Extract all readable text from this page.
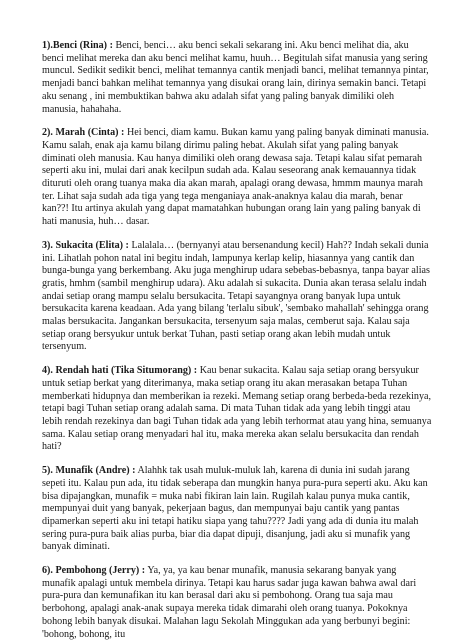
1).Benci (Rina) : Benci, benci… aku benci sekali sekarang ini. Aku benci melihat dia, aku benci melihat mereka dan aku benci melihat kamu, huuh… Begitulah sifat manusia yang sering muncul. Sedikit sedikit benci, melihat temannya cantik menjadi banci, melihat temannya pintar, menjadi banci bahkan melihat temannya yang disukai orang lain, dirinya semakin banci. Tetapi aku senang , ini membuktikan bahwa aku adalah sifat yang paling banyak dimiliki oleh manusia, hahahaha.

2). Marah (Cinta) : Hei benci, diam kamu. Bukan kamu yang paling banyak diminati manusia. Kamu salah, enak aja kamu bilang dirimu paling hebat. Akulah sifat yang paling banyak diminati oleh manusia. Kau hanya dimiliki oleh orang dewasa saja. Tetapi kalau sifat pemarah seperti aku ini, mulai dari anak kecilpun sudah ada. Kalau seseorang anak kemauannya tidak dituruti oleh orang tuanya maka dia akan marah, apalagi orang dewasa, hmmm maunya marah ter. Lihat saja sudah ada tiga yang tega menganiaya anak-anaknya kalau dia marah, benar kan??! Itu artinya akulah yang dapat mamatahkan hubungan orang lain yang paling banyak di hati manusia, huh… dasar.

3). Sukacita (Elita) : Lalalala… (bernyanyi atau bersenandung kecil) Hah?? Indah sekali dunia ini. Lihatlah pohon natal ini begitu indah, lampunya kerlap kelip, hiasannya yang cantik dan bunga-bunga yang berkembang. Aku juga menghirup udara sebebas-bebasnya, tanpa bayar alias gratis, hmhm (sambil menghirup udara). Aku adalah si sukacita. Dunia akan terasa selalu indah andai setiap orang mampu selalu bersukacita. Tetapi sayangnya orang banyak lupa untuk bersukacita karena keadaan. Ada yang bilang 'terlalu sibuk', 'sembako mahallah' sehingga orang malas bersukacita. Jangankan bersukacita, tersenyum saja malas, cemberut saja. Kalau saja setiap orang bersyukur untuk berkat Tuhan, pasti setiap orang akan lebih mudah untuk tersenyum.

4). Rendah hati (Tika Situmorang) : Kau benar sukacita. Kalau saja setiap orang bersyukur untuk setiap berkat yang diterimanya, maka setiap orang itu akan merasakan betapa Tuhan memberkati hidupnya dan memberikan ia rezeki. Memang setiap orang berbeda-beda rezekinya, tetapi bagi Tuhan setiap orang adalah sama. Di mata Tuhan tidak ada yang lebih tinggi atau lebih rendah rezekinya dan bagi Tuhan tidak ada yang lebih terhormat atau yang hina, semuanya sama. Kalau setiap orang menyadari hal itu, maka mereka akan selalu bersukacita dan rendah hati?

5). Munafik (Andre) : Alahhk tak usah muluk-muluk lah, karena di dunia ini sudah jarang sepeti itu. Kalau pun ada, itu tidak seberapa dan mungkin hanya pura-pura seperti aku. Aku kan bisa dipajangkan, munafik = muka nabi fikiran lain lain. Rugilah kalau punya muka cantik, mempunyai duit yang banyak, pekerjaan bagus, dan mempunyai baju cantik yang pantas dipamerkan seperti aku ini tetapi hatiku siapa yang tahu???? Jadi yang ada di dunia itu malah sering pura-pura baik alias purba, biar dia dapat dipuji, disanjung, jadi aku si munafik yang banyak diminati.

6). Pembohong (Jerry) : Ya, ya, ya kau benar munafik, manusia sekarang banyak yang munafik apalagi untuk membela dirinya. Tetapi kau harus sadar juga kawan bahwa awal dari pura-pura dan kemunafikan itu kan berasal dari aku si pembohong. Orang tua saja mau berbohong, apalagi anak-anak supaya mereka tidak dimarahi oleh orang tuanya. Pokoknya bohong lebih banyak disukai. Malahan lagu Sekolah Minggukan ada yang berbunyi begini: 'bohong, bohong, itu
